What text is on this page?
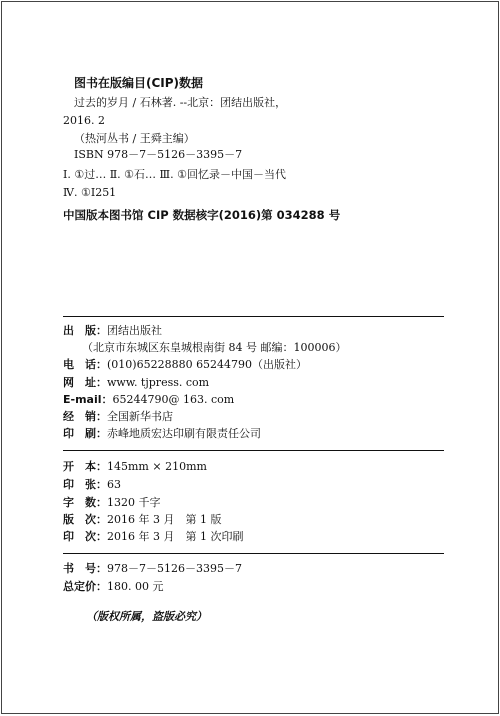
图书在版编目(CIP)数据
过去的岁月 / 石林著. --北京：团结出版社，
2016. 2
（热河丛书 / 王舜主编）
ISBN 978－7－5126－3395－7
Ⅰ. ①过… Ⅱ. ①石… Ⅲ. ①回忆录－中国－当代
Ⅳ. ①I251
中国版本图书馆 CIP 数据核字(2016)第 034288 号
出　版：团结出版社
（北京市东城区东皇城根南街 84 号 邮编：100006）
电　话：(010)65228880 65244790（出版社）
网　址：www. tjpress. com
E-mail：65244790@ 163. com
经　销：全国新华书店
印　刷：赤峰地质宏达印刷有限责任公司
开　本：145mm × 210mm
印　张：63
字　数：1320 千字
版　次：2016 年 3 月　第 1 版
印　次：2016 年 3 月　第 1 次印刷
书　号：978－7－5126－3395－7
总定价：180. 00 元
（版权所属，盗版必究）
